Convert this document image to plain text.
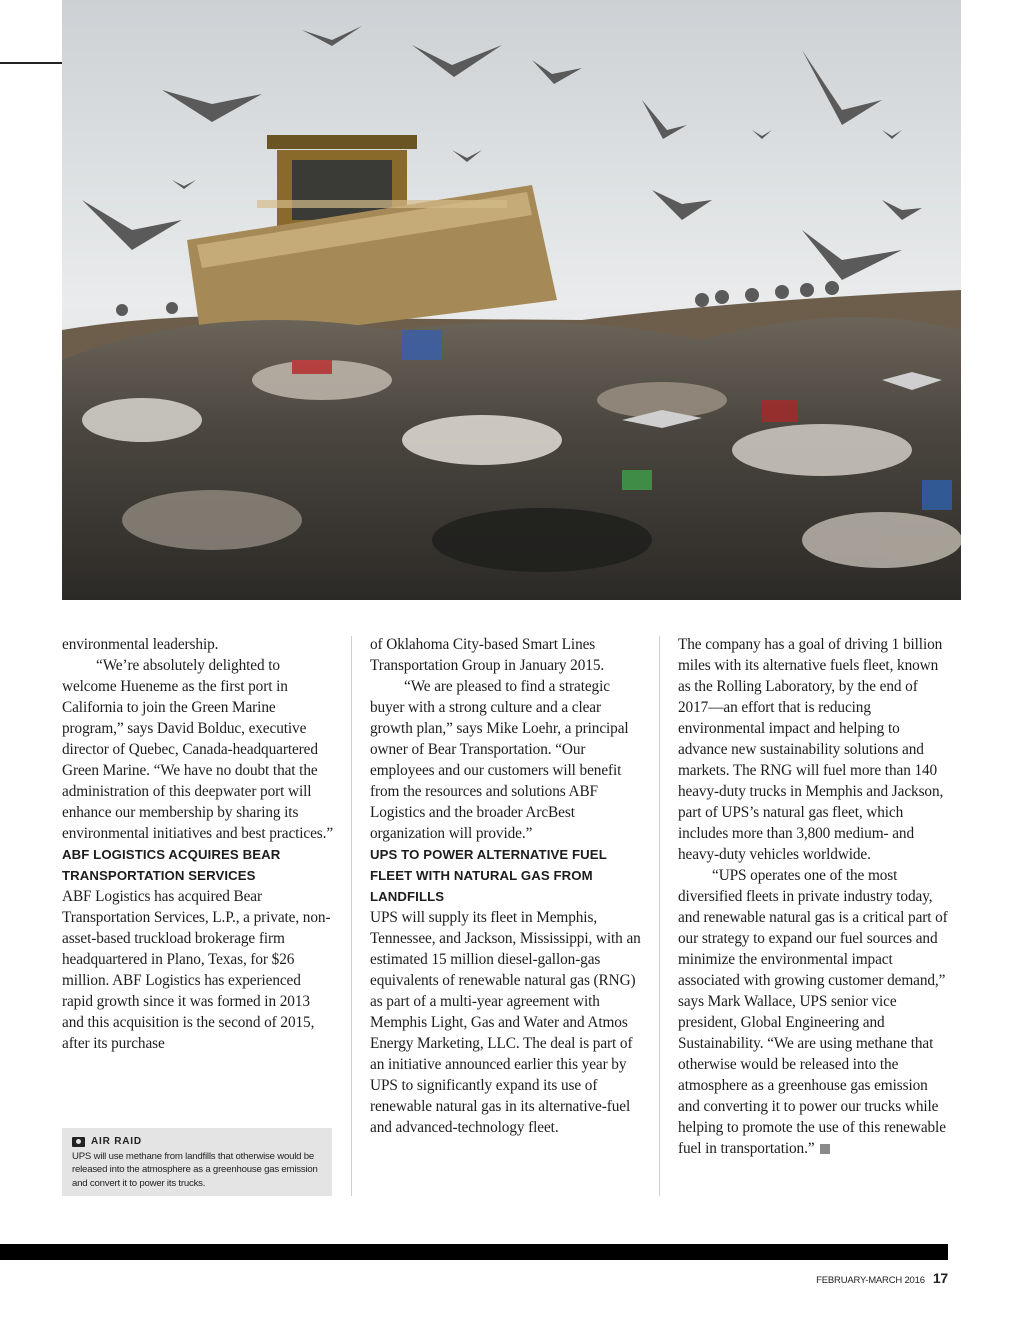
environmental leadership.

“We’re absolutely delighted to welcome Hueneme as the first port in California to join the Green Marine program,” says David Bolduc, executive director of Quebec, Canada-headquartered Green Marine. “We have no doubt that the administration of this deepwater port will enhance our membership by sharing its environmental initiatives and best practices.”

ABF LOGISTICS ACQUIRES BEAR TRANSPORTATION SERVICES

ABF Logistics has acquired Bear Transportation Services, L.P., a private, non-asset-based truckload brokerage firm headquartered in Plano, Texas, for $26 million. ABF Logistics has experienced rapid growth since it was formed in 2013 and this acquisition is the second of 2015, after its purchase

AIR RAID
UPS will use methane from landfills that otherwise would be released into the atmosphere as a greenhouse gas emission and convert it to power its trucks.

of Oklahoma City-based Smart Lines Transportation Group in January 2015.

“We are pleased to find a strategic buyer with a strong culture and a clear growth plan,” says Mike Loehr, a principal owner of Bear Transportation. “Our employees and our customers will benefit from the resources and solutions ABF Logistics and the broader ArcBest organization will provide.”

UPS TO POWER ALTERNATIVE FUEL FLEET WITH NATURAL GAS FROM LANDFILLS

UPS will supply its fleet in Memphis, Tennessee, and Jackson, Mississippi, with an estimated 15 million diesel-gallon-gas equivalents of renewable natural gas (RNG) as part of a multi-year agreement with Memphis Light, Gas and Water and Atmos Energy Marketing, LLC. The deal is part of an initiative announced earlier this year by UPS to significantly expand its use of renewable natural gas in its alternative-fuel and advanced-technology fleet.

The company has a goal of driving 1 billion miles with its alternative fuels fleet, known as the Rolling Laboratory, by the end of 2017—an effort that is reducing environmental impact and helping to advance new sustainability solutions and markets. The RNG will fuel more than 140 heavy-duty trucks in Memphis and Jackson, part of UPS’s natural gas fleet, which includes more than 3,800 medium- and heavy-duty vehicles worldwide.

“UPS operates one of the most diversified fleets in private industry today, and renewable natural gas is a critical part of our strategy to expand our fuel sources and minimize the environmental impact associated with growing customer demand,” says Mark Wallace, UPS senior vice president, Global Engineering and Sustainability. “We are using methane that otherwise would be released into the atmosphere as a greenhouse gas emission and converting it to power our trucks while helping to promote the use of this renewable fuel in transportation.”

FEBRUARY-MARCH 2016 17
